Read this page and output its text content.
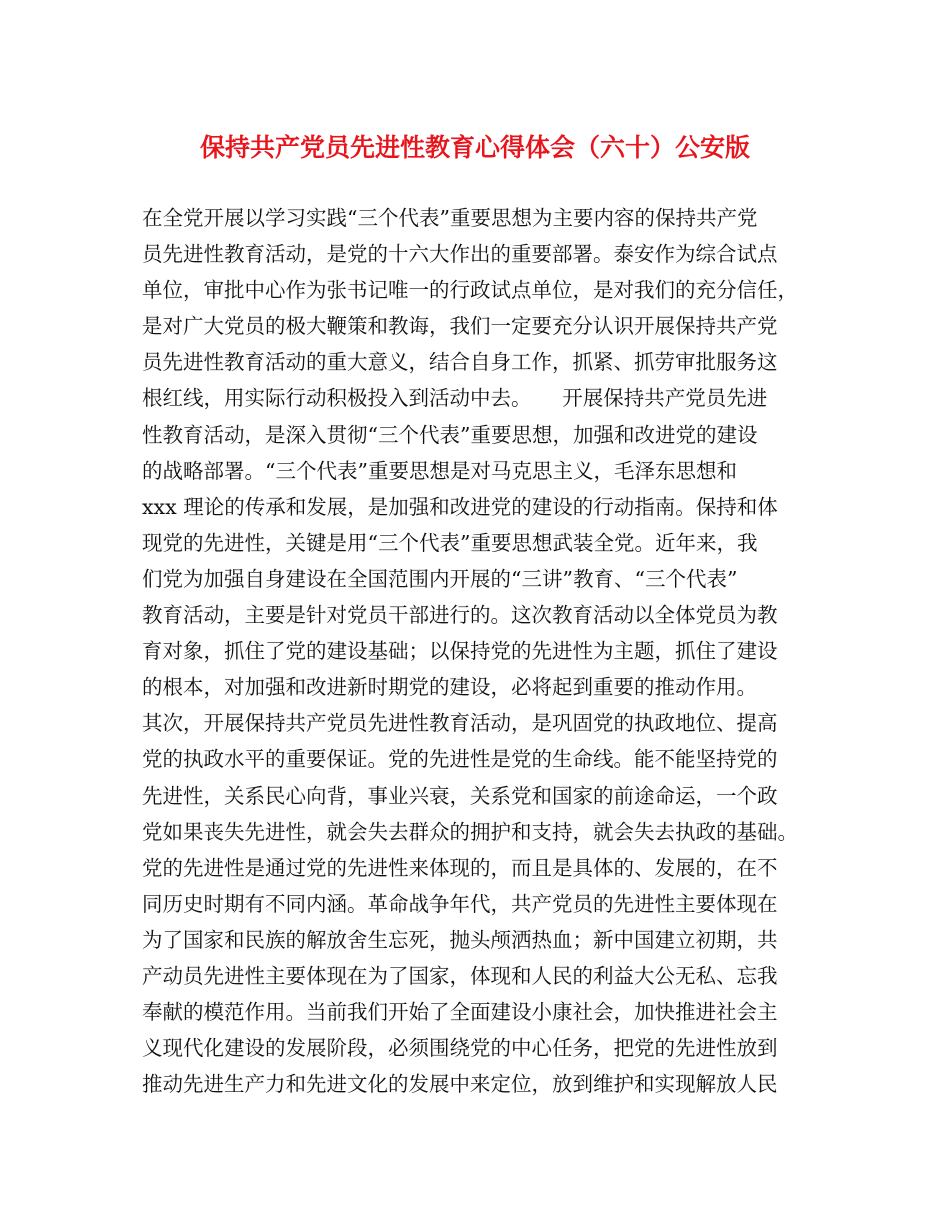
保持共产党员先进性教育心得体会（六十）公安版
在全党开展以学习实践“三个代表”重要思想为主要内容的保持共产党
员先进性教育活动，是党的十六大作出的重要部署。泰安作为综合试点
单位，审批中心作为张书记唯一的行政试点单位，是对我们的充分信任，
是对广大党员的极大鞭策和教诲，我们一定要充分认识开展保持共产党
员先进性教育活动的重大意义，结合自身工作，抓紧、抓劳审批服务这
根红线，用实际行动积极投入到活动中去。　　开展保持共产党员先进
性教育活动，是深入贯彻“三个代表”重要思想，加强和改进党的建设
的战略部署。“三个代表”重要思想是对马克思主义，毛泽东思想和
xxx 理论的传承和发展，是加强和改进党的建设的行动指南。保持和体
现党的先进性，关键是用“三个代表”重要思想武装全党。近年来，我
们党为加强自身建设在全国范围内开展的“三讲”教育、“三个代表”
教育活动，主要是针对党员干部进行的。这次教育活动以全体党员为教
育对象，抓住了党的建设基础；以保持党的先进性为主题，抓住了建设
的根本，对加强和改进新时期党的建设，必将起到重要的推动作用。
其次，开展保持共产党员先进性教育活动，是巩固党的执政地位、提高
党的执政水平的重要保证。党的先进性是党的生命线。能不能坚持党的
先进性，关系民心向背，事业兴衰，关系党和国家的前途命运，一个政
党如果丧失先进性，就会失去群众的拥护和支持，就会失去执政的基础。
党的先进性是通过党的先进性来体现的，而且是具体的、发展的，在不
同历史时期有不同内涵。革命战争年代，共产党员的先进性主要体现在
为了国家和民族的解放舍生忘死，抛头颅洒热血；新中国建立初期，共
产动员先进性主要体现在为了国家，体现和人民的利益大公无私、忘我
奉献的模范作用。当前我们开始了全面建设小康社会，加快推进社会主
义现代化建设的发展阶段，必须围绕党的中心任务，把党的先进性放到
推动先进生产力和先进文化的发展中来定位，放到维护和实现解放人民
